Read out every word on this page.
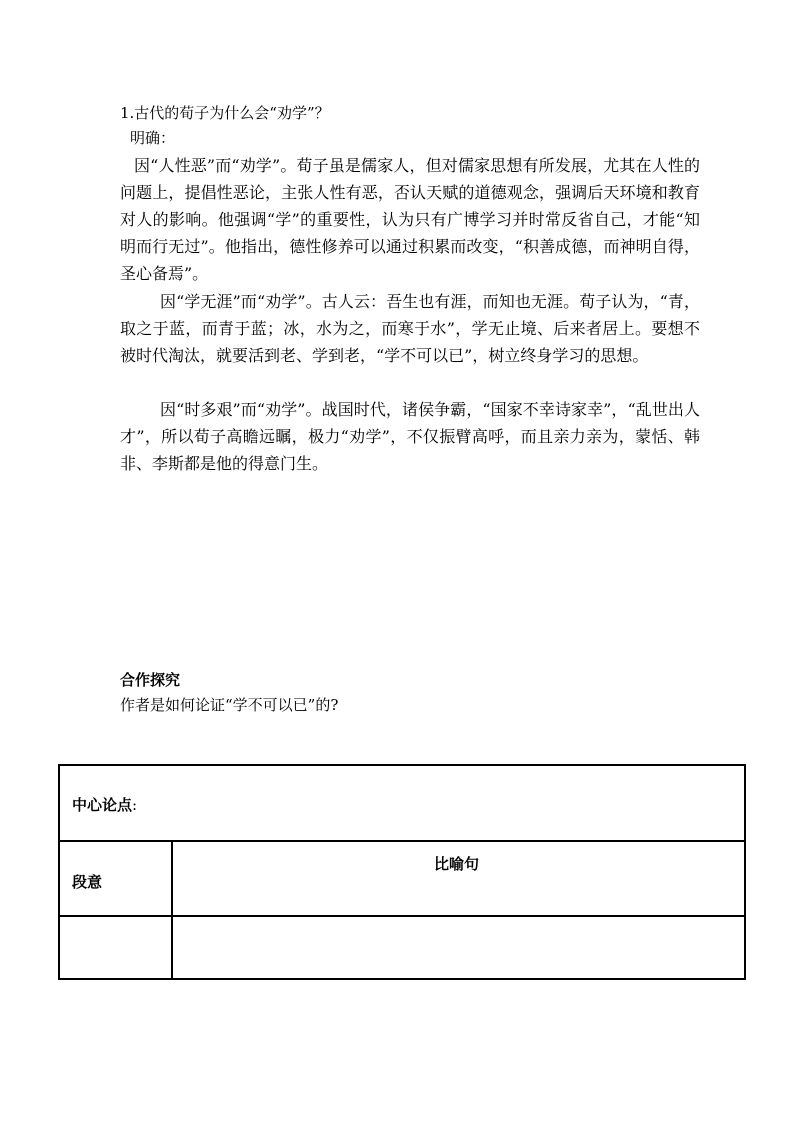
1.古代的荀子为什么会“劝学”？
明确：

因“人性恶”而“劝学”。荀子虽是儒家人，但对儒家思想有所发展，尤其在人性的问题上，提倡性恶论，主张人性有恶，否认天赋的道德观念，强调后天环境和教育对人的影响。他强调“学”的重要性，认为只有广博学习并时常反省自己，才能“知明而行无过”。他指出，德性修养可以通过积累而改变，“积善成德，而神明自得，圣心备焉”。

因“学无涯”而“劝学”。古人云：吾生也有涯，而知也无涯。荀子认为，“青，取之于蓝，而青于蓝；冰，水为之，而寒于水”，学无止境、后来者居上。要想不被时代淘汰，就要活到老、学到老，“学不可以已”，树立终身学习的思想。

因“时多艰”而“劝学”。战国时代，诸侯争霸，“国家不幸诗家幸”，“乱世出人才”，所以荀子高瞻远瞩，极力“劝学”，不仅振臂高呼，而且亲力亲为，蒙恬、韩非、李斯都是他的得意门生。

合作探究
作者是如何论证“学不可以已”的?
中心论点:
段意
比喻句
